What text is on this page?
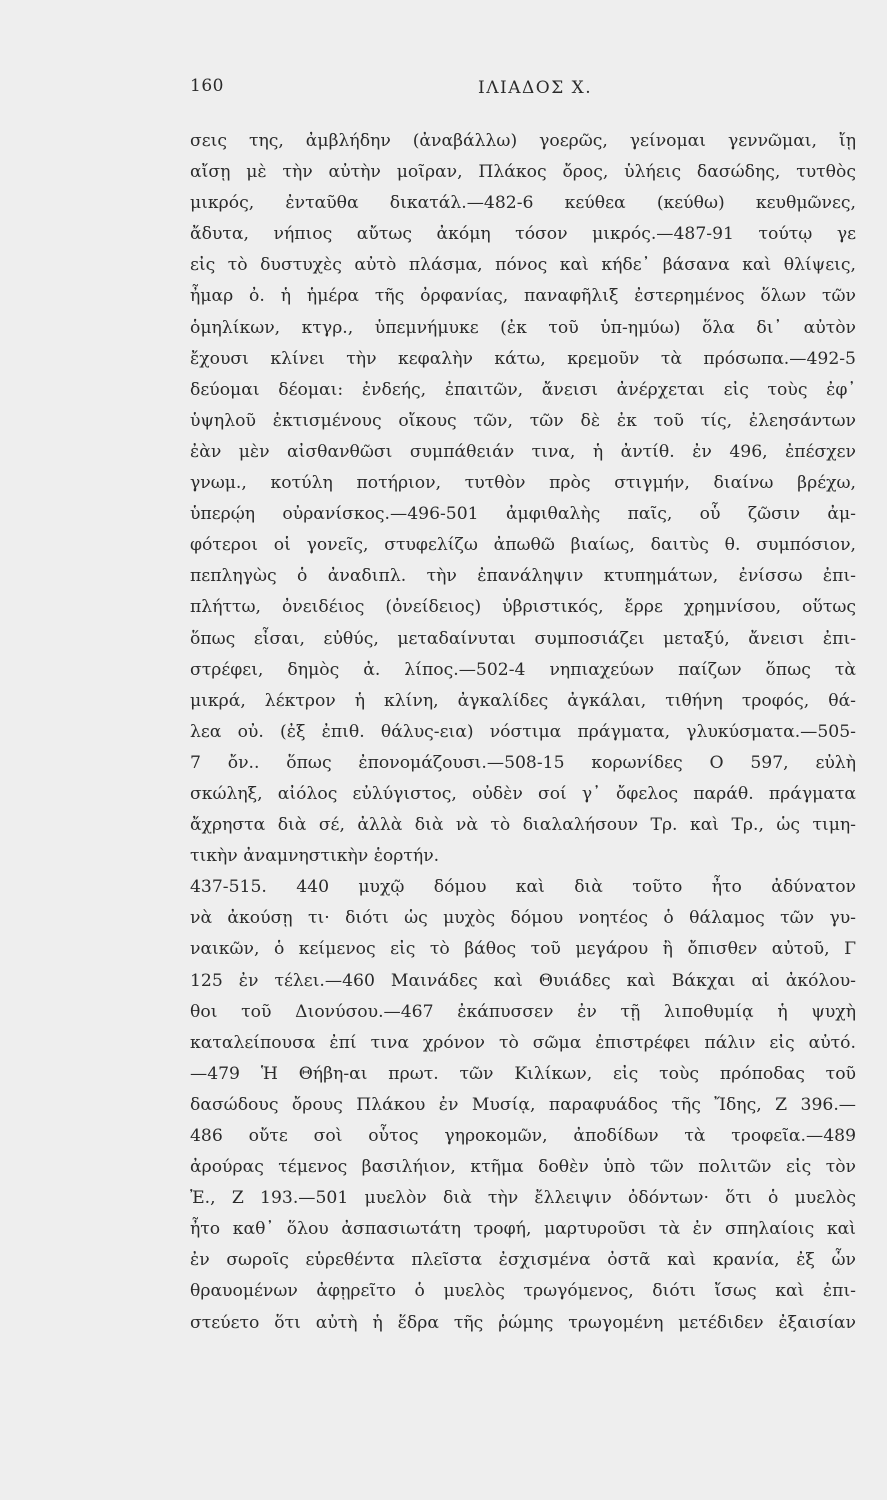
160	ΙΛΙΑΔΟΣ Χ.
σεις της, ἀμβλήδην (ἀναβάλλω) γοερῶς, γείνομαι γεννῶμαι, ἴῃ
αἴσῃ μὲ τὴν αὐτὴν μοῖραν, Πλάκος ὄρος, ὑλήεις δασώδης, τυτθὸς
μικρός, ἐνταῦθα δικατάλ.—482-6 κεύθεα (κεύθω) κευθμῶνες,
ἄδυτα, νήπιος αὔτως ἀκόμη τόσον μικρός.—487-91 τούτῳ γε
εἰς τὸ δυστυχὲς αὐτὸ πλάσμα, πόνος καὶ κήδε᾽ βάσανα καὶ θλίψεις,
ἦμαρ ὀ. ἡ ἡμέρα τῆς ὀρφανίας, παναφῆλιξ ἐστερημένος ὅλων τῶν
ὁμηλίκων, κτγρ., ὑπεμνήμυκε (ἐκ τοῦ ὑπ-ημύω) ὅλα δι᾽ αὐτὸν
ἔχουσι κλίνει τὴν κεφαλὴν κάτω, κρεμοῦν τὰ πρόσωπα.—492-5
δεύομαι δέομαι: ἐνδεής, ἐπαιτῶν, ἄνεισι ἀνέρχεται εἰς τοὺς ἐφ᾽
ὑψηλοῦ ἐκτισμένους οἴκους τῶν, τῶν δὲ ἐκ τοῦ τίς, ἐλεησάντων
ἐὰν μὲν αἰσθανθῶσι συμπάθειάν τινα, ἡ ἀντίθ. ἐν 496, ἐπέσχεν
γνωμ., κοτύλη ποτήριον, τυτθὸν πρὸς στιγμήν, διαίνω βρέχω,
ὑπερῴη οὐρανίσκος.—496-501 ἀμφιθαλὴς παῖς, οὗ ζῶσιν ἀμ-
φότεροι οἱ γονεῖς, στυφελίζω ἀπωθῶ βιαίως, δαιτὺς θ. συμπόσιον,
πεπληγὼς ὁ ἀναδιπλ. τὴν ἐπανάληψιν κτυπημάτων, ἐνίσσω ἐπι-
πλήττω, ὀνειδέιος (ὀνείδειος) ὑβριστικός, ἔρρε χρημνίσου, οὕτως
ὅπως εἶσαι, εὐθύς, μεταδαίνυται συμποσιάζει μεταξύ, ἄνεισι ἐπι-
στρέφει, δημὸς ἀ. λίπος.—502-4 νηπιαχεύων παίζων ὅπως τὰ
μικρά, λέκτρον ἡ κλίνη, ἀγκαλίδες ἀγκάλαι, τιθήνη τροφός, θά-
λεα οὐ. (ἐξ ἐπιθ. θάλυς-εια) νόστιμα πράγματα, γλυκύσματα.—505-
7 ὄν.. ὅπως ἐπονομάζουσι.—508-15 κορωνίδες Ο 597, εὐλὴ
σκώληξ, αἰόλος εὐλύγιστος, οὐδὲν σοί γ᾽ ὄφελος παράθ. πράγματα
ἄχρηστα διὰ σέ, ἀλλὰ διὰ νὰ τὸ διαλαλήσουν Τρ. καὶ Τρ., ὡς τιμη-
τικὴν ἀναμνηστικὴν ἑορτήν.
437-515. 440 μυχῷ δόμου καὶ διὰ τοῦτο ἦτο ἀδύνατον
νὰ ἀκούσῃ τι· διότι ὡς μυχὸς δόμου νοητέος ὁ θάλαμος τῶν γυ-
ναικῶν, ὁ κείμενος εἰς τὸ βάθος τοῦ μεγάρου ἢ ὄπισθεν αὐτοῦ, Γ
125 ἐν τέλει.—460 Μαινάδες καὶ Θυιάδες καὶ Βάκχαι αἱ ἀκόλου-
θοι τοῦ Διονύσου.—467 ἐκάπυσσεν ἐν τῇ λιποθυμίᾳ ἡ ψυχὴ
καταλείπουσα ἐπί τινα χρόνον τὸ σῶμα ἐπιστρέφει πάλιν εἰς αὐτό.
—479 Ἡ Θήβη-αι πρωτ. τῶν Κιλίκων, εἰς τοὺς πρόποδας τοῦ
δασώδους ὄρους Πλάκου ἐν Μυσίᾳ, παραφυάδος τῆς Ἴδης, Ζ 396.—
486 οὔτε σοὶ οὗτος γηροκομῶν, ἀποδίδων τὰ τροφεῖα.—489
ἀρούρας τέμενος βασιλήιον, κτῆμα δοθὲν ὑπὸ τῶν πολιτῶν εἰς τὸν
Ἐ., Ζ 193.—501 μυελὸν διὰ τὴν ἔλλειψιν ὀδόντων· ὅτι ὁ μυελὸς
ἦτο καθ᾽ ὅλου ἀσπασιωτάτη τροφή, μαρτυροῦσι τὰ ἐν σπηλαίοις καὶ
ἐν σωροῖς εὑρεθέντα πλεῖστα ἐσχισμένα ὀστᾶ καὶ κρανία, ἐξ ὧν
θραυομένων ἀφῃρεῖτο ὁ μυελὸς τρωγόμενος, διότι ἴσως καὶ ἐπι-
στεύετο ὅτι αὐτὴ ἡ ἕδρα τῆς ῥώμης τρωγομένη μετέδιδεν ἐξαισίαν
